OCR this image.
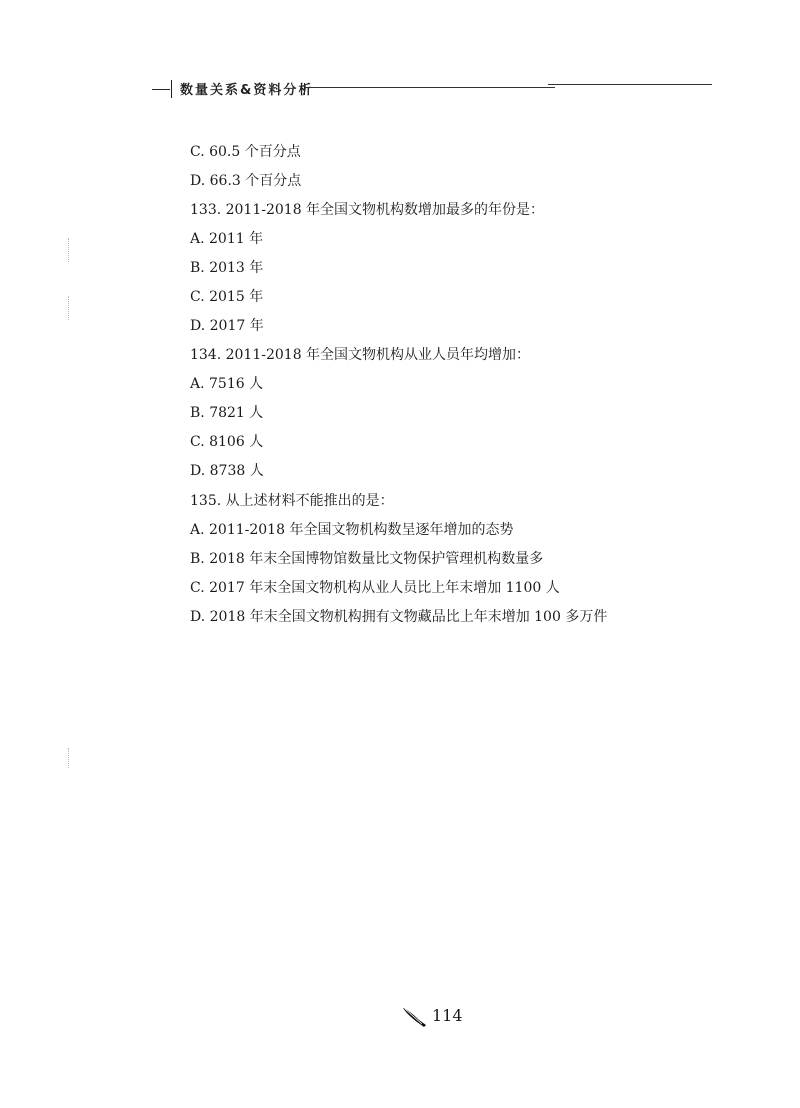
数量关系&资料分析
C. 60.5 个百分点
D. 66.3 个百分点
133. 2011-2018 年全国文物机构数增加最多的年份是：
A. 2011 年
B. 2013 年
C. 2015 年
D. 2017 年
134. 2011-2018 年全国文物机构从业人员年均增加：
A. 7516 人
B. 7821 人
C. 8106 人
D. 8738 人
135. 从上述材料不能推出的是：
A. 2011-2018 年全国文物机构数呈逐年增加的态势
B. 2018 年末全国博物馆数量比文物保护管理机构数量多
C. 2017 年末全国文物机构从业人员比上年末增加 1100 人
D. 2018 年末全国文物机构拥有文物藏品比上年末增加 100 多万件
114
